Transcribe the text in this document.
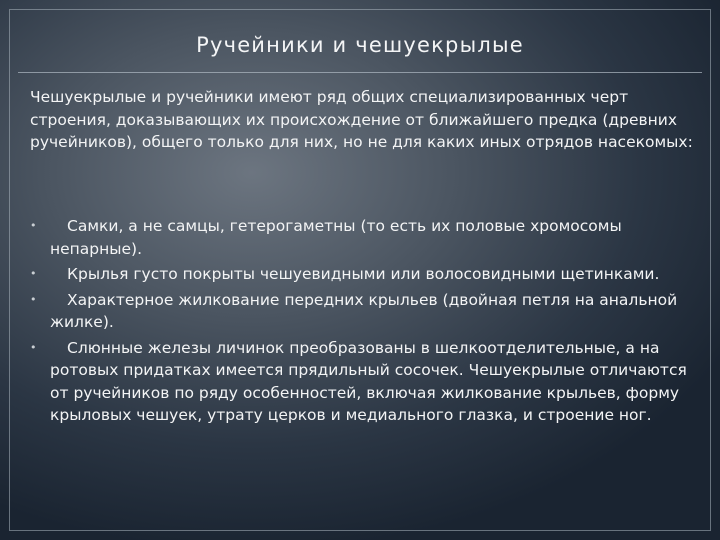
Ручейники и чешуекрылые

Чешуекрылые и ручейники имеют ряд общих специализированных черт строения, доказывающих их происхождение от ближайшего предка (древних ручейников), общего только для них, но не для каких иных отрядов насекомых:

•	Самки, а не самцы, гетерогаметны (то есть их половые хромосомы непарные).
•	Крылья густо покрыты чешуевидными или волосовидными щетинками.
•	Характерное жилкование передних крыльев (двойная петля на анальной жилке).
•	Слюнные железы личинок преобразованы в шелкоотделительные, а на ротовых придатках имеется прядильный сосочек. Чешуекрылые отличаются от ручейников по ряду особенностей, включая жилкование крыльев, форму крыловых чешуек, утрату церков и медиального глазка, и строение ног.
